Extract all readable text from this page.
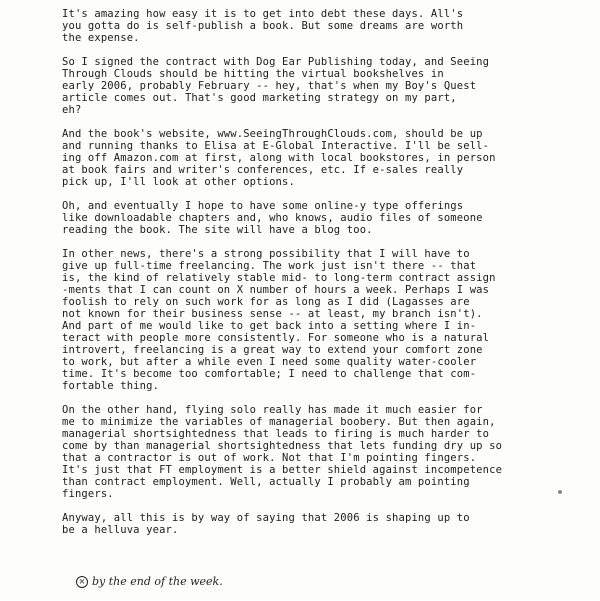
It's amazing how easy it is to get into debt these days. All's
you gotta do is self-publish a book. But some dreams are worth
the expense.
So I signed the contract with Dog Ear Publishing today, and Seeing
Through Clouds should be hitting the virtual bookshelves in
early 2006, probably February -- hey, that's when my Boy's Quest
article comes out. That's good marketing strategy on my part,
eh?
And the book's website, www.SeeingThroughClouds.com, should be up
and running thanks to Elisa at E-Global Interactive. I'll be sell-
ing off Amazon.com at first, along with local bookstores, in person
at book fairs and writer's conferences, etc. If e-sales really
pick up, I'll look at other options.
Oh, and eventually I hope to have some online-y type offerings
like downloadable chapters and, who knows, audio files of someone
reading the book. The site will have a blog too.
In other news, there's a strong possibility that I will have to
give up full-time freelancing. The work just isn't there -- that
is, the kind of relatively stable mid- to long-term contract assign
-ments that I can count on X number of hours a week. Perhaps I was
foolish to rely on such work for as long as I did (Lagasses are
not known for their business sense -- at least, my branch isn't).
And part of me would like to get back into a setting where I in-
teract with people more consistently. For someone who is a natural
introvert, freelancing is a great way to extend your comfort zone
to work, but after a while even I need some quality water-cooler
time. It's become too comfortable; I need to challenge that com-
fortable thing.
On the other hand, flying solo really has made it much easier for
me to minimize the variables of managerial boobery. But then again,
managerial shortsightedness that leads to firing is much harder to
come by than managerial shortsightedness that lets funding dry up so
that a contractor is out of work. Not that I'm pointing fingers.
It's just that FT employment is a better shield against incompetence
than contract employment. Well, actually I probably am pointing
fingers.
Anyway, all this is by way of saying that 2006 is shaping up to
be a helluva year.

× by the end of the week.
